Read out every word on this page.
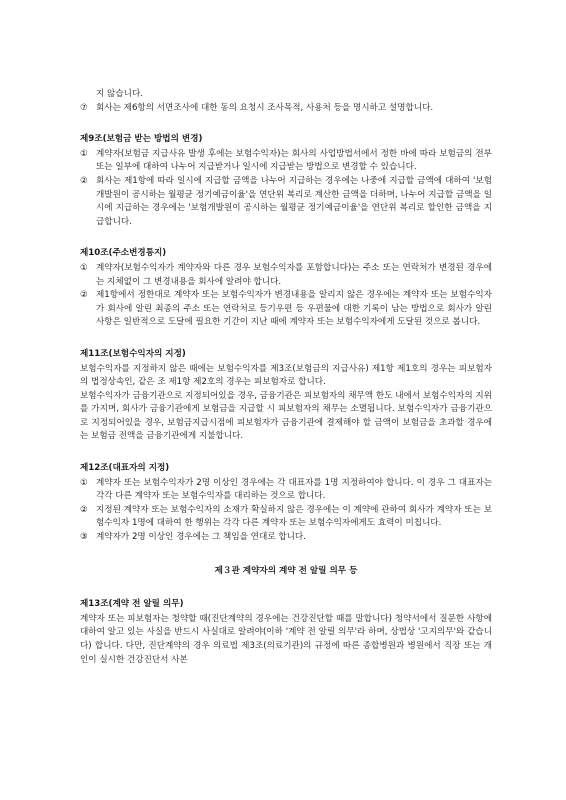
지 않습니다.

⑦ 회사는 제6항의 서면조사에 대한 동의 요청시 조사목적, 사용처 등을 명시하고 설명합니다.

제9조(보험금 받는 방법의 변경)

① 계약자(보험금 지급사유 발생 후에는 보험수익자)는 회사의 사업방법서에서 정한 바에 따라 보험금의 전부 또는 일부에 대하여 나누어 지급받거나 일시에 지급받는 방법으로 변경할 수 있습니다.
② 회사는 제1항에 따라 일시에 지급할 금액을 나누어 지급하는 경우에는 나중에 지급할 금액에 대하여 '보험개발원이 공시하는 월평균 정기예금이율'을 연단위 복리로 계산한 금액을 더하며, 나누어 지급할 금액을 일시에 지급하는 경우에는 '보험개발원이 공시하는 월평균 정기예금이율'을 연단위 복리로 할인한 금액을 지급합니다.

제10조(주소변경통지)

① 계약자(보험수익자가 계약자와 다른 경우 보험수익자를 포함합니다)는 주소 또는 연락처가 변경된 경우에는 지체없이 그 변경내용을 회사에 알려야 합니다.
② 제1항에서 정한대로 계약자 또는 보험수익자가 변경내용을 알리지 않은 경우에는 계약자 또는 보험수익자가 회사에 알린 최종의 주소 또는 연락처로 등기우편 등 우편물에 대한 기록이 남는 방법으로 회사가 알린 사항은 일반적으로 도달에 필요한 기간이 지난 때에 계약자 또는 보험수익자에게 도달된 것으로 봅니다.

제11조(보험수익자의 지정)

보험수익자를 지정하지 않은 때에는 보험수익자를 제3조(보험금의 지급사유) 제1항 제1호의 경우는 피보험자의 법정상속인, 같은 조 제1항 제2호의 경우는 피보험자로 합니다.

보험수익자가 금융기관으로 지정되어있을 경우, 금융기관은 피보험자의 채무액 한도 내에서 보험수익자의 지위를 가지며, 회사가 금융기관에게 보험금을 지급할 시 피보험자의 채무는 소멸됩니다. 보험수익자가 금융기관으로 지정되어있을 경우, 보험금지급시점에 피보험자가 금융기관에 결제해야 할 금액이 보험금을 초과할 경우에는 보험금 전액을 금융기관에게 지불합니다.

제12조(대표자의 지정)

① 계약자 또는 보험수익자가 2명 이상인 경우에는 각 대표자를 1명 지정하여야 합니다. 이 경우 그 대표자는 각각 다른 계약자 또는 보험수익자를 대리하는 것으로 합니다.
② 지정된 계약자 또는 보험수익자의 소재가 확실하지 않은 경우에는 이 계약에 관하여 회사가 계약자 또는 보험수익자 1명에 대하여 한 행위는 각각 다른 계약자 또는 보험수익자에게도 효력이 미칩니다.
③ 계약자가 2명 이상인 경우에는 그 책임을 연대로 합니다.

제３관 계약자의 계약 전 알릴 의무 등

제13조(계약 전 알릴 의무)

계약자 또는 피보험자는 청약할 때(진단계약의 경우에는 건강진단할 때를 말합니다) 청약서에서 질문한 사항에 대하여 알고 있는 사실을 반드시 사실대로 알려야(이하 '계약 전 알릴 의무'라 하며, 상법상 '고지의무'와 같습니다) 합니다. 다만, 진단계약의 경우 의료법 제3조(의료기관)의 규정에 따른 종합병원과 병원에서 직장 또는 개인이 실시한 건강진단서 사본
